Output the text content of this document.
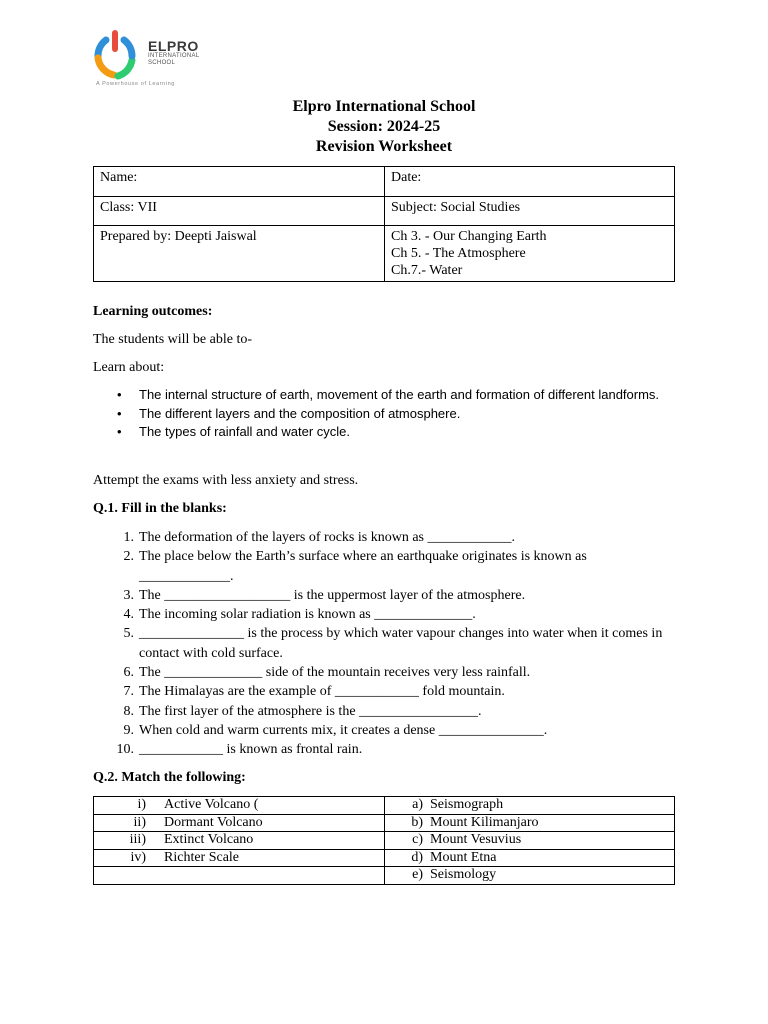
ELPRO
INTERNATIONAL
SCHOOL
A Powerhouse of Learning
Elpro International School
Session: 2024-25
Revision Worksheet
Name:	Date:
Class: VII	Subject: Social Studies
Prepared by: Deepti Jaiswal	Ch 3. - Our Changing Earth
Ch 5. - The Atmosphere
Ch.7.- Water
Learning outcomes:
The students will be able to-
Learn about:
• The internal structure of earth, movement of the earth and formation of different landforms.
• The different layers and the composition of atmosphere.
• The types of rainfall and water cycle.
Attempt the exams with less anxiety and stress.
Q.1. Fill in the blanks:
1. The deformation of the layers of rocks is known as ____________.
2. The place below the Earth’s surface where an earthquake originates is known as _____________.
3. The __________________ is the uppermost layer of the atmosphere.
4. The incoming solar radiation is known as ______________.
5. _______________ is the process by which water vapour changes into water when it comes in contact with cold surface.
6. The ______________ side of the mountain receives very less rainfall.
7. The Himalayas are the example of ____________ fold mountain.
8. The first layer of the atmosphere is the _________________.
9. When cold and warm currents mix, it creates a dense _______________.
10. ____________ is known as frontal rain.
Q.2. Match the following:
i) Active Volcano (	a) Seismograph
ii) Dormant Volcano	b) Mount Kilimanjaro
iii) Extinct Volcano	c) Mount Vesuvius
iv) Richter Scale	d) Mount Etna
	e) Seismology
